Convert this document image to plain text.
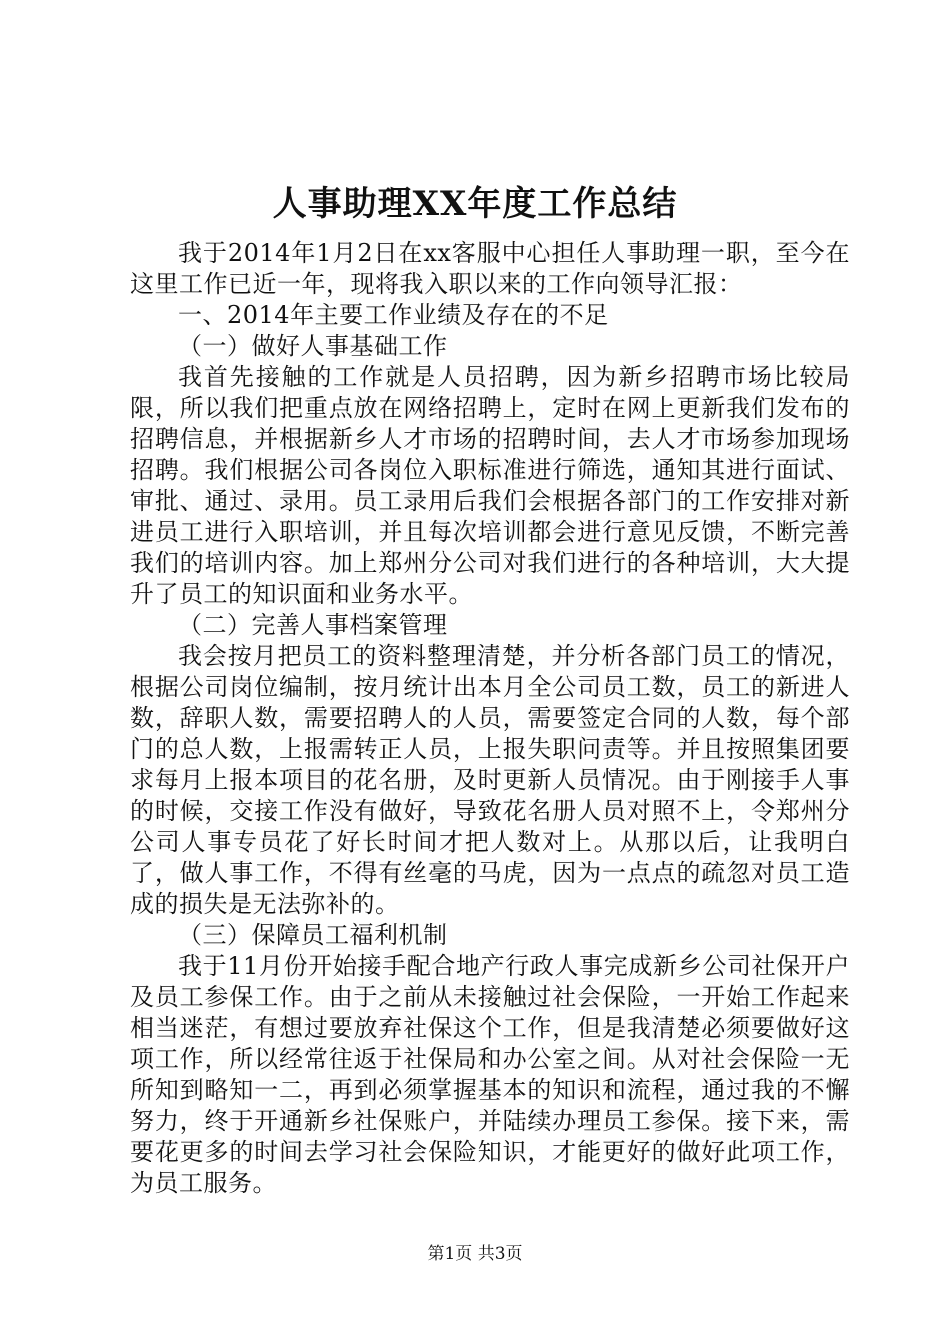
人事助理XX年度工作总结

我于2014年1月2日在xx客服中心担任人事助理一职，至今在这里工作已近一年，现将我入职以来的工作向领导汇报：

一、2014年主要工作业绩及存在的不足

（一）做好人事基础工作

我首先接触的工作就是人员招聘，因为新乡招聘市场比较局限，所以我们把重点放在网络招聘上，定时在网上更新我们发布的招聘信息，并根据新乡人才市场的招聘时间，去人才市场参加现场招聘。我们根据公司各岗位入职标准进行筛选，通知其进行面试、审批、通过、录用。员工录用后我们会根据各部门的工作安排对新进员工进行入职培训，并且每次培训都会进行意见反馈，不断完善我们的培训内容。加上郑州分公司对我们进行的各种培训，大大提升了员工的知识面和业务水平。

（二）完善人事档案管理

我会按月把员工的资料整理清楚，并分析各部门员工的情况，根据公司岗位编制，按月统计出本月全公司员工数，员工的新进人数，辞职人数，需要招聘人的人员，需要签定合同的人数，每个部门的总人数，上报需转正人员，上报失职问责等。并且按照集团要求每月上报本项目的花名册，及时更新人员情况。由于刚接手人事的时候，交接工作没有做好，导致花名册人员对照不上，令郑州分公司人事专员花了好长时间才把人数对上。从那以后，让我明白了，做人事工作，不得有丝毫的马虎，因为一点点的疏忽对员工造成的损失是无法弥补的。

（三）保障员工福利机制

我于11月份开始接手配合地产行政人事完成新乡公司社保开户及员工参保工作。由于之前从未接触过社会保险，一开始工作起来相当迷茫，有想过要放弃社保这个工作，但是我清楚必须要做好这项工作，所以经常往返于社保局和办公室之间。从对社会保险一无所知到略知一二，再到必须掌握基本的知识和流程，通过我的不懈努力，终于开通新乡社保账户，并陆续办理员工参保。接下来，需要花更多的时间去学习社会保险知识，才能更好的做好此项工作，为员工服务。

第1页 共3页
